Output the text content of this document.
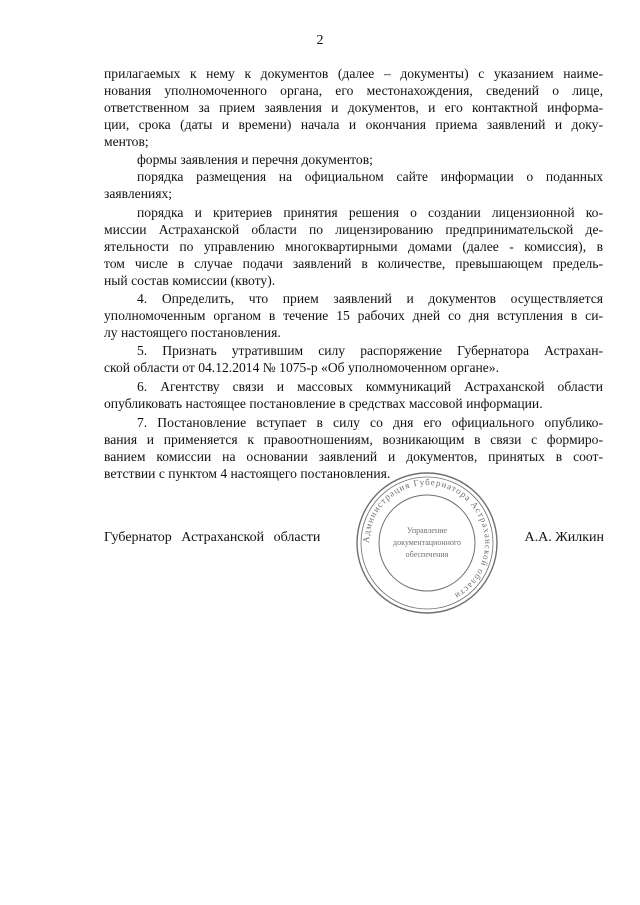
2
прилагаемых к нему к документов (далее – документы) с указанием наиме-
нования уполномоченного органа, его местонахождения, сведений о лице,
ответственном за прием заявления и документов, и его контактной информа-
ции, срока (даты и времени) начала и окончания приема заявлений и доку-
ментов;
формы заявления и перечня документов;
порядка размещения на официальном сайте информации о поданных
заявлениях;
порядка и критериев принятия решения о создании лицензионной ко-
миссии Астраханской области по лицензированию предпринимательской де-
ятельности по управлению многоквартирными домами (далее - комиссия), в
том числе в случае подачи заявлений в количестве, превышающем предель-
ный состав комиссии (квоту).
4. Определить, что прием заявлений и документов осуществляется
уполномоченным органом в течение 15 рабочих дней со дня вступления в си-
лу настоящего постановления.
5. Признать утратившим силу распоряжение Губернатора Астрахан-
ской области от 04.12.2014 № 1075-р «Об уполномоченном органе».
6. Агентству связи и массовых коммуникаций Астраханской области
опубликовать настоящее постановление в средствах массовой информации.
7. Постановление вступает в силу со дня его официального опублико-
вания и применяется к правоотношениям, возникающим в связи с формиро-
ванием комиссии на основании заявлений и документов, принятых в соот-
ветствии с пунктом 4 настоящего постановления.
Администрация Губернатора Астраханской области
Управление
документационного
обеспечения
Губернатор Астраханской области	А.А. Жилкин
